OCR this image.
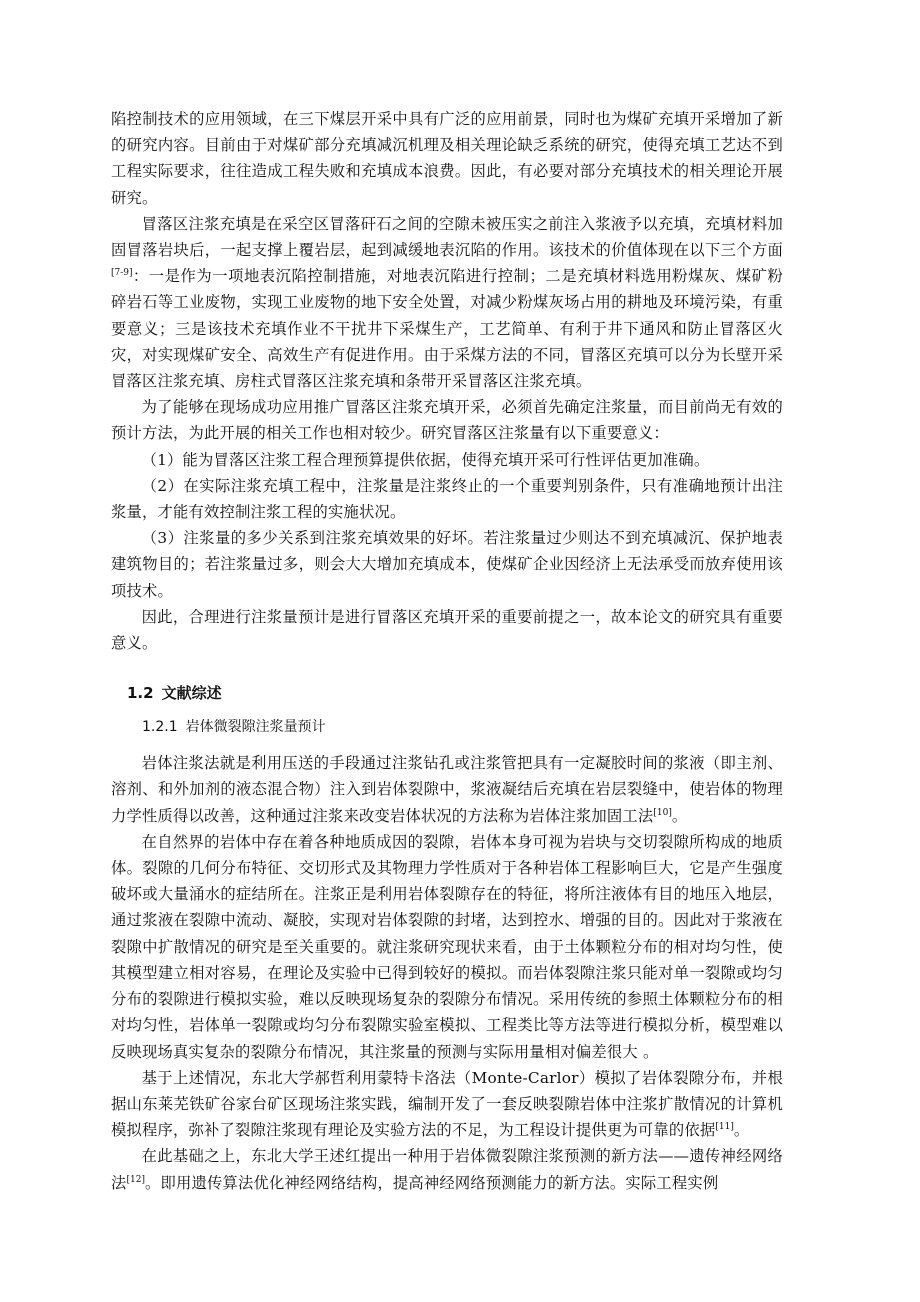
陷控制技术的应用领域，在三下煤层开采中具有广泛的应用前景，同时也为煤矿充填开采增加了新的研究内容。目前由于对煤矿部分充填减沉机理及相关理论缺乏系统的研究，使得充填工艺达不到工程实际要求，往往造成工程失败和充填成本浪费。因此，有必要对部分充填技术的相关理论开展研究。

冒落区注浆充填是在采空区冒落矸石之间的空隙未被压实之前注入浆液予以充填，充填材料加固冒落岩块后，一起支撑上覆岩层，起到减缓地表沉陷的作用。该技术的价值体现在以下三个方面[7-9]：一是作为一项地表沉陷控制措施，对地表沉陷进行控制；二是充填材料选用粉煤灰、煤矿粉碎岩石等工业废物，实现工业废物的地下安全处置，对减少粉煤灰场占用的耕地及环境污染，有重要意义；三是该技术充填作业不干扰井下采煤生产，工艺简单、有利于井下通风和防止冒落区火灾，对实现煤矿安全、高效生产有促进作用。由于采煤方法的不同，冒落区充填可以分为长壁开采冒落区注浆充填、房柱式冒落区注浆充填和条带开采冒落区注浆充填。

为了能够在现场成功应用推广冒落区注浆充填开采，必须首先确定注浆量，而目前尚无有效的预计方法，为此开展的相关工作也相对较少。研究冒落区注浆量有以下重要意义：

（1）能为冒落区注浆工程合理预算提供依据，使得充填开采可行性评估更加准确。

（2）在实际注浆充填工程中，注浆量是注浆终止的一个重要判别条件，只有准确地预计出注浆量，才能有效控制注浆工程的实施状况。

（3）注浆量的多少关系到注浆充填效果的好坏。若注浆量过少则达不到充填减沉、保护地表建筑物目的；若注浆量过多，则会大大增加充填成本，使煤矿企业因经济上无法承受而放弃使用该项技术。

因此，合理进行注浆量预计是进行冒落区充填开采的重要前提之一，故本论文的研究具有重要意义。

1.2 文献综述
1.2.1 岩体微裂隙注浆量预计

岩体注浆法就是利用压送的手段通过注浆钻孔或注浆管把具有一定凝胶时间的浆液（即主剂、溶剂、和外加剂的液态混合物）注入到岩体裂隙中，浆液凝结后充填在岩层裂缝中，使岩体的物理力学性质得以改善，这种通过注浆来改变岩体状况的方法称为岩体注浆加固工法[10]。

在自然界的岩体中存在着各种地质成因的裂隙，岩体本身可视为岩块与交切裂隙所构成的地质体。裂隙的几何分布特征、交切形式及其物理力学性质对于各种岩体工程影响巨大，它是产生强度破坏或大量涌水的症结所在。注浆正是利用岩体裂隙存在的特征，将所注液体有目的地压入地层，通过浆液在裂隙中流动、凝胶，实现对岩体裂隙的封堵，达到控水、增强的目的。因此对于浆液在裂隙中扩散情况的研究是至关重要的。就注浆研究现状来看，由于土体颗粒分布的相对均匀性，使其模型建立相对容易，在理论及实验中已得到较好的模拟。而岩体裂隙注浆只能对单一裂隙或均匀分布的裂隙进行模拟实验，难以反映现场复杂的裂隙分布情况。采用传统的参照土体颗粒分布的相对均匀性，岩体单一裂隙或均匀分布裂隙实验室模拟、工程类比等方法等进行模拟分析，模型难以反映现场真实复杂的裂隙分布情况，其注浆量的预测与实际用量相对偏差很大 。

基于上述情况，东北大学郝哲利用蒙特卡洛法（Monte-Carlor）模拟了岩体裂隙分布，并根据山东莱芜铁矿谷家台矿区现场注浆实践，编制开发了一套反映裂隙岩体中注浆扩散情况的计算机模拟程序，弥补了裂隙注浆现有理论及实验方法的不足，为工程设计提供更为可靠的依据[11]。

在此基础之上，东北大学王述红提出一种用于岩体微裂隙注浆预测的新方法——遗传神经网络法[12]。即用遗传算法优化神经网络结构，提高神经网络预测能力的新方法。实际工程实例
